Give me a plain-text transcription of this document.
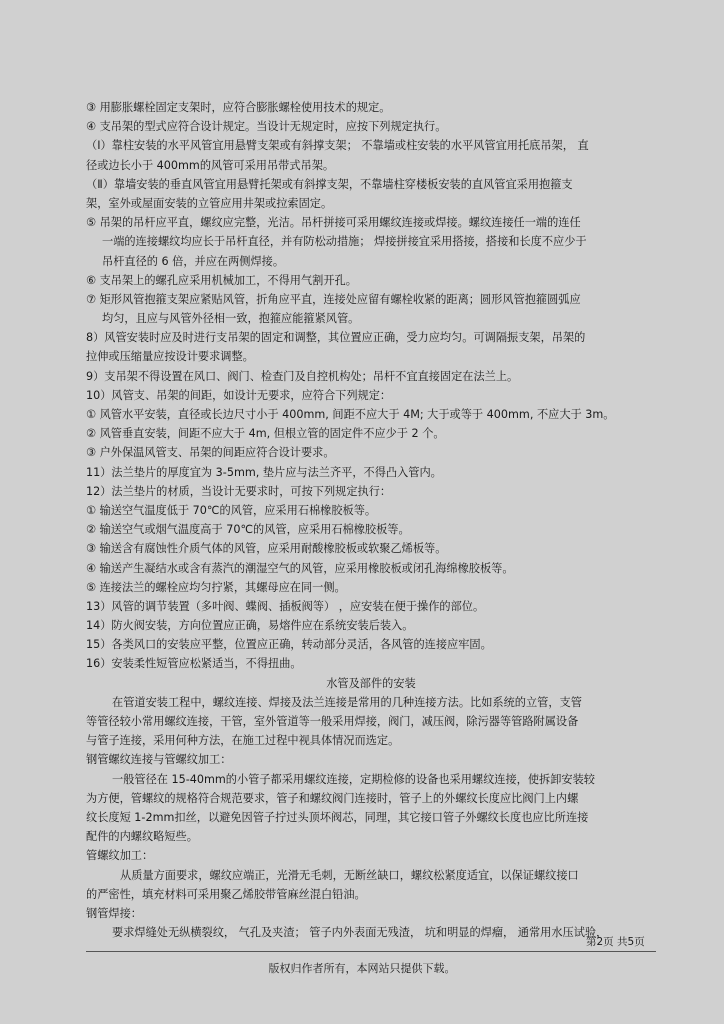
③ 用膨胀螺栓固定支架时，应符合膨胀螺栓使用技术的规定。
④ 支吊架的型式应符合设计规定。当设计无规定时，应按下列规定执行。
（Ⅰ）靠柱安装的水平风管宜用悬臂支架或有斜撑支架； 不靠墙或柱安装的水平风管宜用托底吊架， 直
径或边长小于 400mm的风管可采用吊带式吊架。
（Ⅱ）靠墙安装的垂直风管宜用悬臂托架或有斜撑支架，不靠墙柱穿楼板安装的直风管宜采用抱箍支
架，室外或屋面安装的立管应用井架或拉索固定。
⑤ 吊架的吊杆应平直，螺纹应完整，光洁。吊杆拼接可采用螺纹连接或焊接。螺纹连接任一端的连任
一端的连接螺纹均应长于吊杆直径，并有防松动措施； 焊接拼接宜采用搭接，搭接和长度不应少于
吊杆直径的 6 倍，并应在两侧焊接。
⑥ 支吊架上的螺孔应采用机械加工，不得用气割开孔。
⑦ 矩形风管抱箍支架应紧贴风管，折角应平直，连接处应留有螺栓收紧的距离；圆形风管抱箍圆弧应
均匀，且应与风管外径相一致，抱箍应能箍紧风管。
8）风管安装时应及时进行支吊架的固定和调整，其位置应正确，受力应均匀。可调隔振支架，吊架的
拉伸或压缩量应按设计要求调整。
9）支吊架不得设置在风口、阀门、检查门及自控机构处；吊杆不宜直接固定在法兰上。
10）风管支、吊架的间距，如设计无要求，应符合下列规定：
① 风管水平安装，直径或长边尺寸小于 400mm, 间距不应大于 4M; 大于或等于 400mm, 不应大于 3m。
② 风管垂直安装，间距不应大于 4m, 但根立管的固定件不应少于 2 个。
③ 户外保温风管支、吊架的间距应符合设计要求。
11）法兰垫片的厚度宜为 3-5mm, 垫片应与法兰齐平，不得凸入管内。
12）法兰垫片的材质，当设计无要求时，可按下列规定执行：
① 输送空气温度低于 70℃的风管，应采用石棉橡胶板等。
② 输送空气或烟气温度高于 70℃的风管，应采用石棉橡胶板等。
③ 输送含有腐蚀性介质气体的风管，应采用耐酸橡胶板或软聚乙烯板等。
④ 输送产生凝结水或含有蒸汽的潮湿空气的风管，应采用橡胶板或闭孔海绵橡胶板等。
⑤ 连接法兰的螺栓应均匀拧紧，其螺母应在同一侧。
13）风管的调节装置（多叶阀、蝶阀、插板阀等） ，应安装在便于操作的部位。
14）防火阀安装，方向位置应正确，易熔件应在系统安装后装入。
15）各类风口的安装应平整，位置应正确，转动部分灵活，各风管的连接应牢固。
16）安装柔性短管应松紧适当，不得扭曲。
水管及部件的安装
在管道安装工程中，螺纹连接、焊接及法兰连接是常用的几种连接方法。比如系统的立管，支管
等管径较小常用螺纹连接，干管，室外管道等一般采用焊接，阀门，减压阀，除污器等管路附属设备
与管子连接，采用何种方法，在施工过程中视具体情况而选定。
钢管螺纹连接与管螺纹加工：
一般管径在 15-40mm的小管子都采用螺纹连接，定期检修的设备也采用螺纹连接，使拆卸安装较
为方便，管螺纹的规格符合规范要求，管子和螺纹阀门连接时，管子上的外螺纹长度应比阀门上内螺
纹长度短 1-2mm扣丝，以避免因管子拧过头顶坏阀芯，同理，其它接口管子外螺纹长度也应比所连接
配件的内螺纹略短些。
管螺纹加工：
从质量方面要求，螺纹应端正，光滑无毛刺，无断丝缺口，螺纹松紧度适宜，以保证螺纹接口
的严密性，填充材料可采用聚乙烯胶带管麻丝混白铅油。
钢管焊接：
要求焊缝处无纵横裂纹， 气孔及夹渣； 管子内外表面无残渣， 坑和明显的焊瘤， 通常用水压试验，
第2页 共5页
版权归作者所有，本网站只提供下载。
